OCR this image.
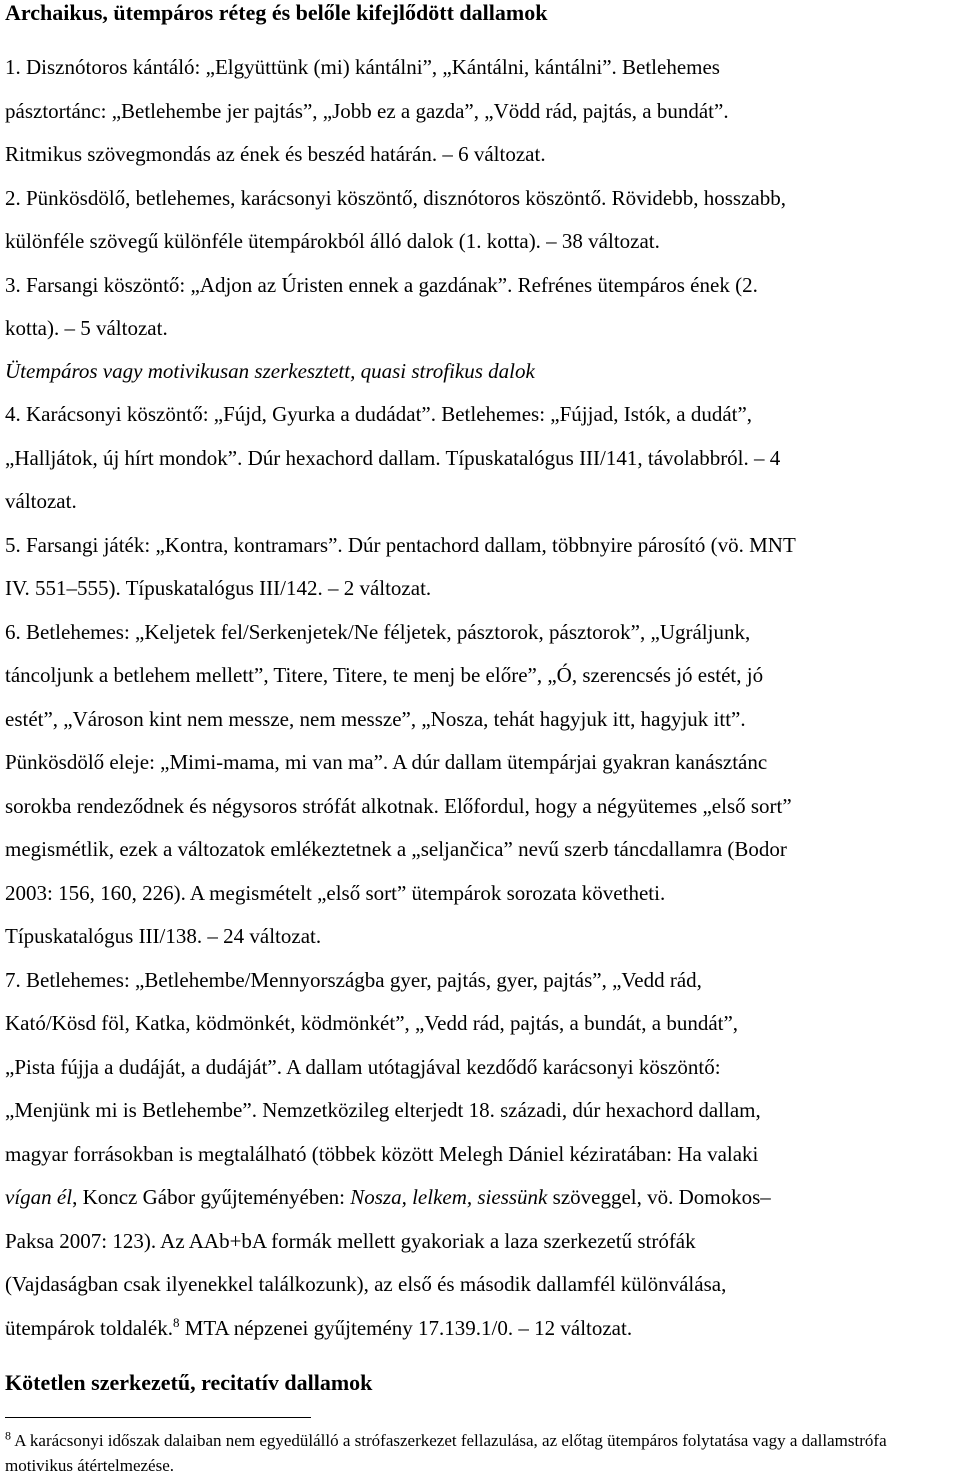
Archaikus, ütempáros réteg és belőle kifejlődött dallamok
1. Disznótoros kántáló: „Elgyüttünk (mi) kántálni”, „Kántálni, kántálni”. Betlehemes
pásztortánc: „Betlehembe jer pajtás”, „Jobb ez a gazda”, „Vödd rád, pajtás, a bundát”.
Ritmikus szövegmondás az ének és beszéd határán. – 6 változat.
2. Pünkösdölő, betlehemes, karácsonyi köszöntő, disznótoros köszöntő. Rövidebb, hosszabb,
különféle szövegű különféle ütempárokból álló dalok (1. kotta). – 38 változat.
3. Farsangi köszöntő: „Adjon az Úristen ennek a gazdának”. Refrénes ütempáros ének (2.
kotta). – 5 változat.
Ütempáros vagy motivikusan szerkesztett, quasi strofikus dalok
4. Karácsonyi köszöntő: „Fújd, Gyurka a dudádat”. Betlehemes: „Fújjad, Istók, a dudát”,
„Halljátok, új hírt mondok”. Dúr hexachord dallam. Típuskatalógus III/141, távolabbról. – 4
változat.
5. Farsangi játék: „Kontra, kontramars”. Dúr pentachord dallam, többnyire párosító (vö. MNT
IV. 551–555). Típuskatalógus III/142. – 2 változat.
6. Betlehemes: „Keljetek fel/Serkenjetek/Ne féljetek, pásztorok, pásztorok”, „Ugráljunk,
táncoljunk a betlehem mellett”, Titere, Titere, te menj be előre”, „Ó, szerencsés jó estét, jó
estét”, „Városon kint nem messze, nem messze”, „Nosza, tehát hagyjuk itt, hagyjuk itt”.
Pünkösdölő eleje: „Mimi-mama, mi van ma”. A dúr dallam ütempárjai gyakran kanásztánc
sorokba rendeződnek és négysoros strófát alkotnak. Előfordul, hogy a négyütemes „első sort”
megismétlik, ezek a változatok emlékeztetnek a „seljančica” nevű szerb táncdallamra (Bodor
2003: 156, 160, 226). A megismételt „első sort” ütempárok sorozata követheti.
Típuskatalógus III/138. – 24 változat.
7. Betlehemes: „Betlehembe/Mennyországba gyer, pajtás, gyer, pajtás”, „Vedd rád,
Kató/Kösd föl, Katka, ködmönkét, ködmönkét”, „Vedd rád, pajtás, a bundát, a bundát”,
„Pista fújja a dudáját, a dudáját”. A dallam utótagjával kezdődő karácsonyi köszöntő:
„Menjünk mi is Betlehembe”. Nemzetközileg elterjedt 18. századi, dúr hexachord dallam,
magyar forrásokban is megtalálható (többek között Melegh Dániel kéziratában: Ha valaki
vígan él, Koncz Gábor gyűjteményében: Nosza, lelkem, siessünk szöveggel, vö. Domokos–
Paksa 2007: 123). Az AAb+bA formák mellett gyakoriak a laza szerkezetű strófák
(Vajdaságban csak ilyenekkel találkozunk), az első és második dallamfél különválása,
ütempárok toldalék.$^8$ MTA népzenei gyűjtemény 17.139.1/0. – 12 változat.
Kötetlen szerkezetű, recitatív dallamok
$^8$ A karácsonyi időszak dalaiban nem egyedülálló a strófaszerkezet fellazulása, az előtag ütempáros folytatása vagy a dallamstrófa motivikus átértelmezése.
